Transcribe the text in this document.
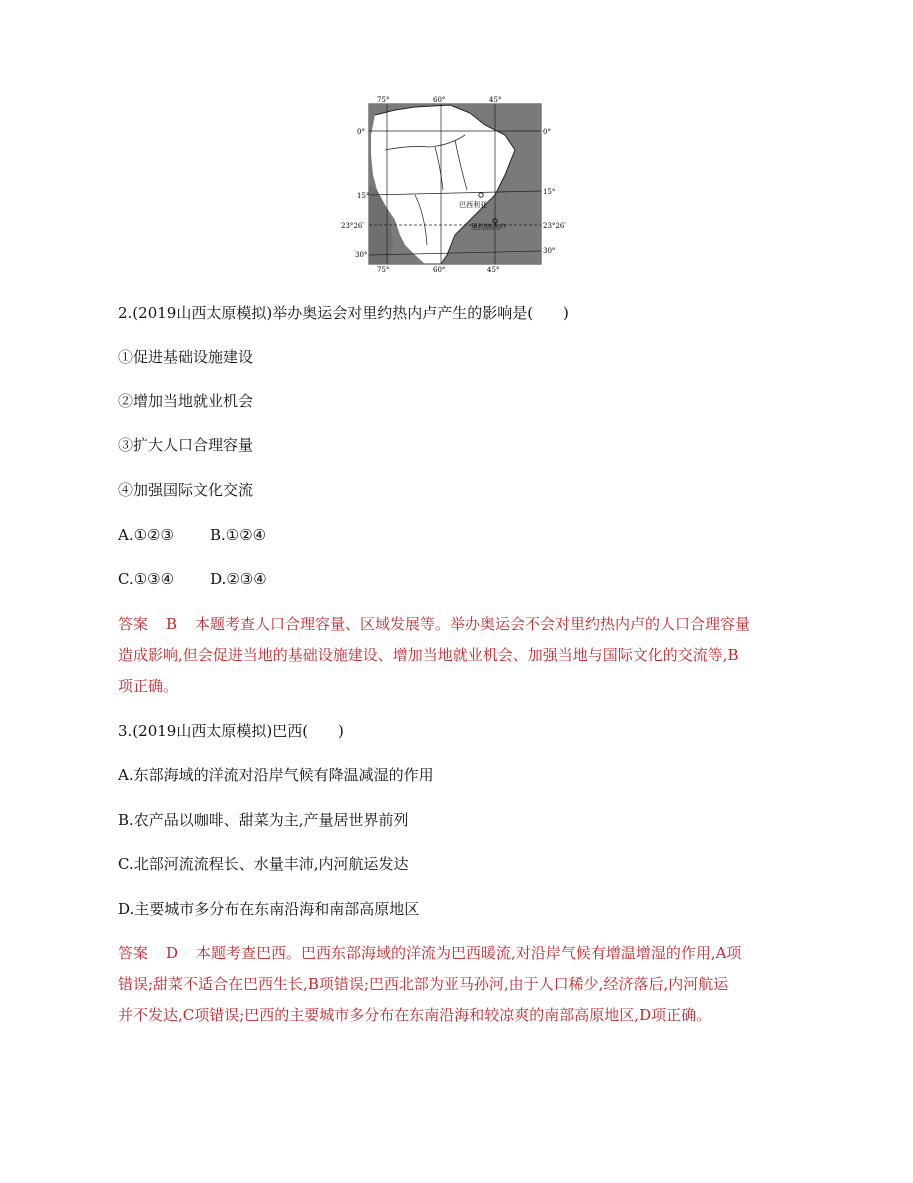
巴西利亚
里约热内卢
75°	60°	45°
75°	60°	45°
0°
15°
23°26′
30°
0°
15°
23°26′
30°
2.(2019山西太原模拟)举办奥运会对里约热内卢产生的影响是(　　)
①促进基础设施建设
②增加当地就业机会
③扩大人口合理容量
④加强国际文化交流
A.①②③ B.①②④
C.①③④ D.②③④
答案 B 本题考查人口合理容量、区域发展等。举办奥运会不会对里约热内卢的人口合理容量
造成影响,但会促进当地的基础设施建设、增加当地就业机会、加强当地与国际文化的交流等,B
项正确。
3.(2019山西太原模拟)巴西(　　)
A.东部海域的洋流对沿岸气候有降温减湿的作用
B.农产品以咖啡、甜菜为主,产量居世界前列
C.北部河流流程长、水量丰沛,内河航运发达
D.主要城市多分布在东南沿海和南部高原地区
答案 D 本题考查巴西。巴西东部海域的洋流为巴西暖流,对沿岸气候有增温增湿的作用,A项
错误;甜菜不适合在巴西生长,B项错误;巴西北部为亚马孙河,由于人口稀少,经济落后,内河航运
并不发达,C项错误;巴西的主要城市多分布在东南沿海和较凉爽的南部高原地区,D项正确。
